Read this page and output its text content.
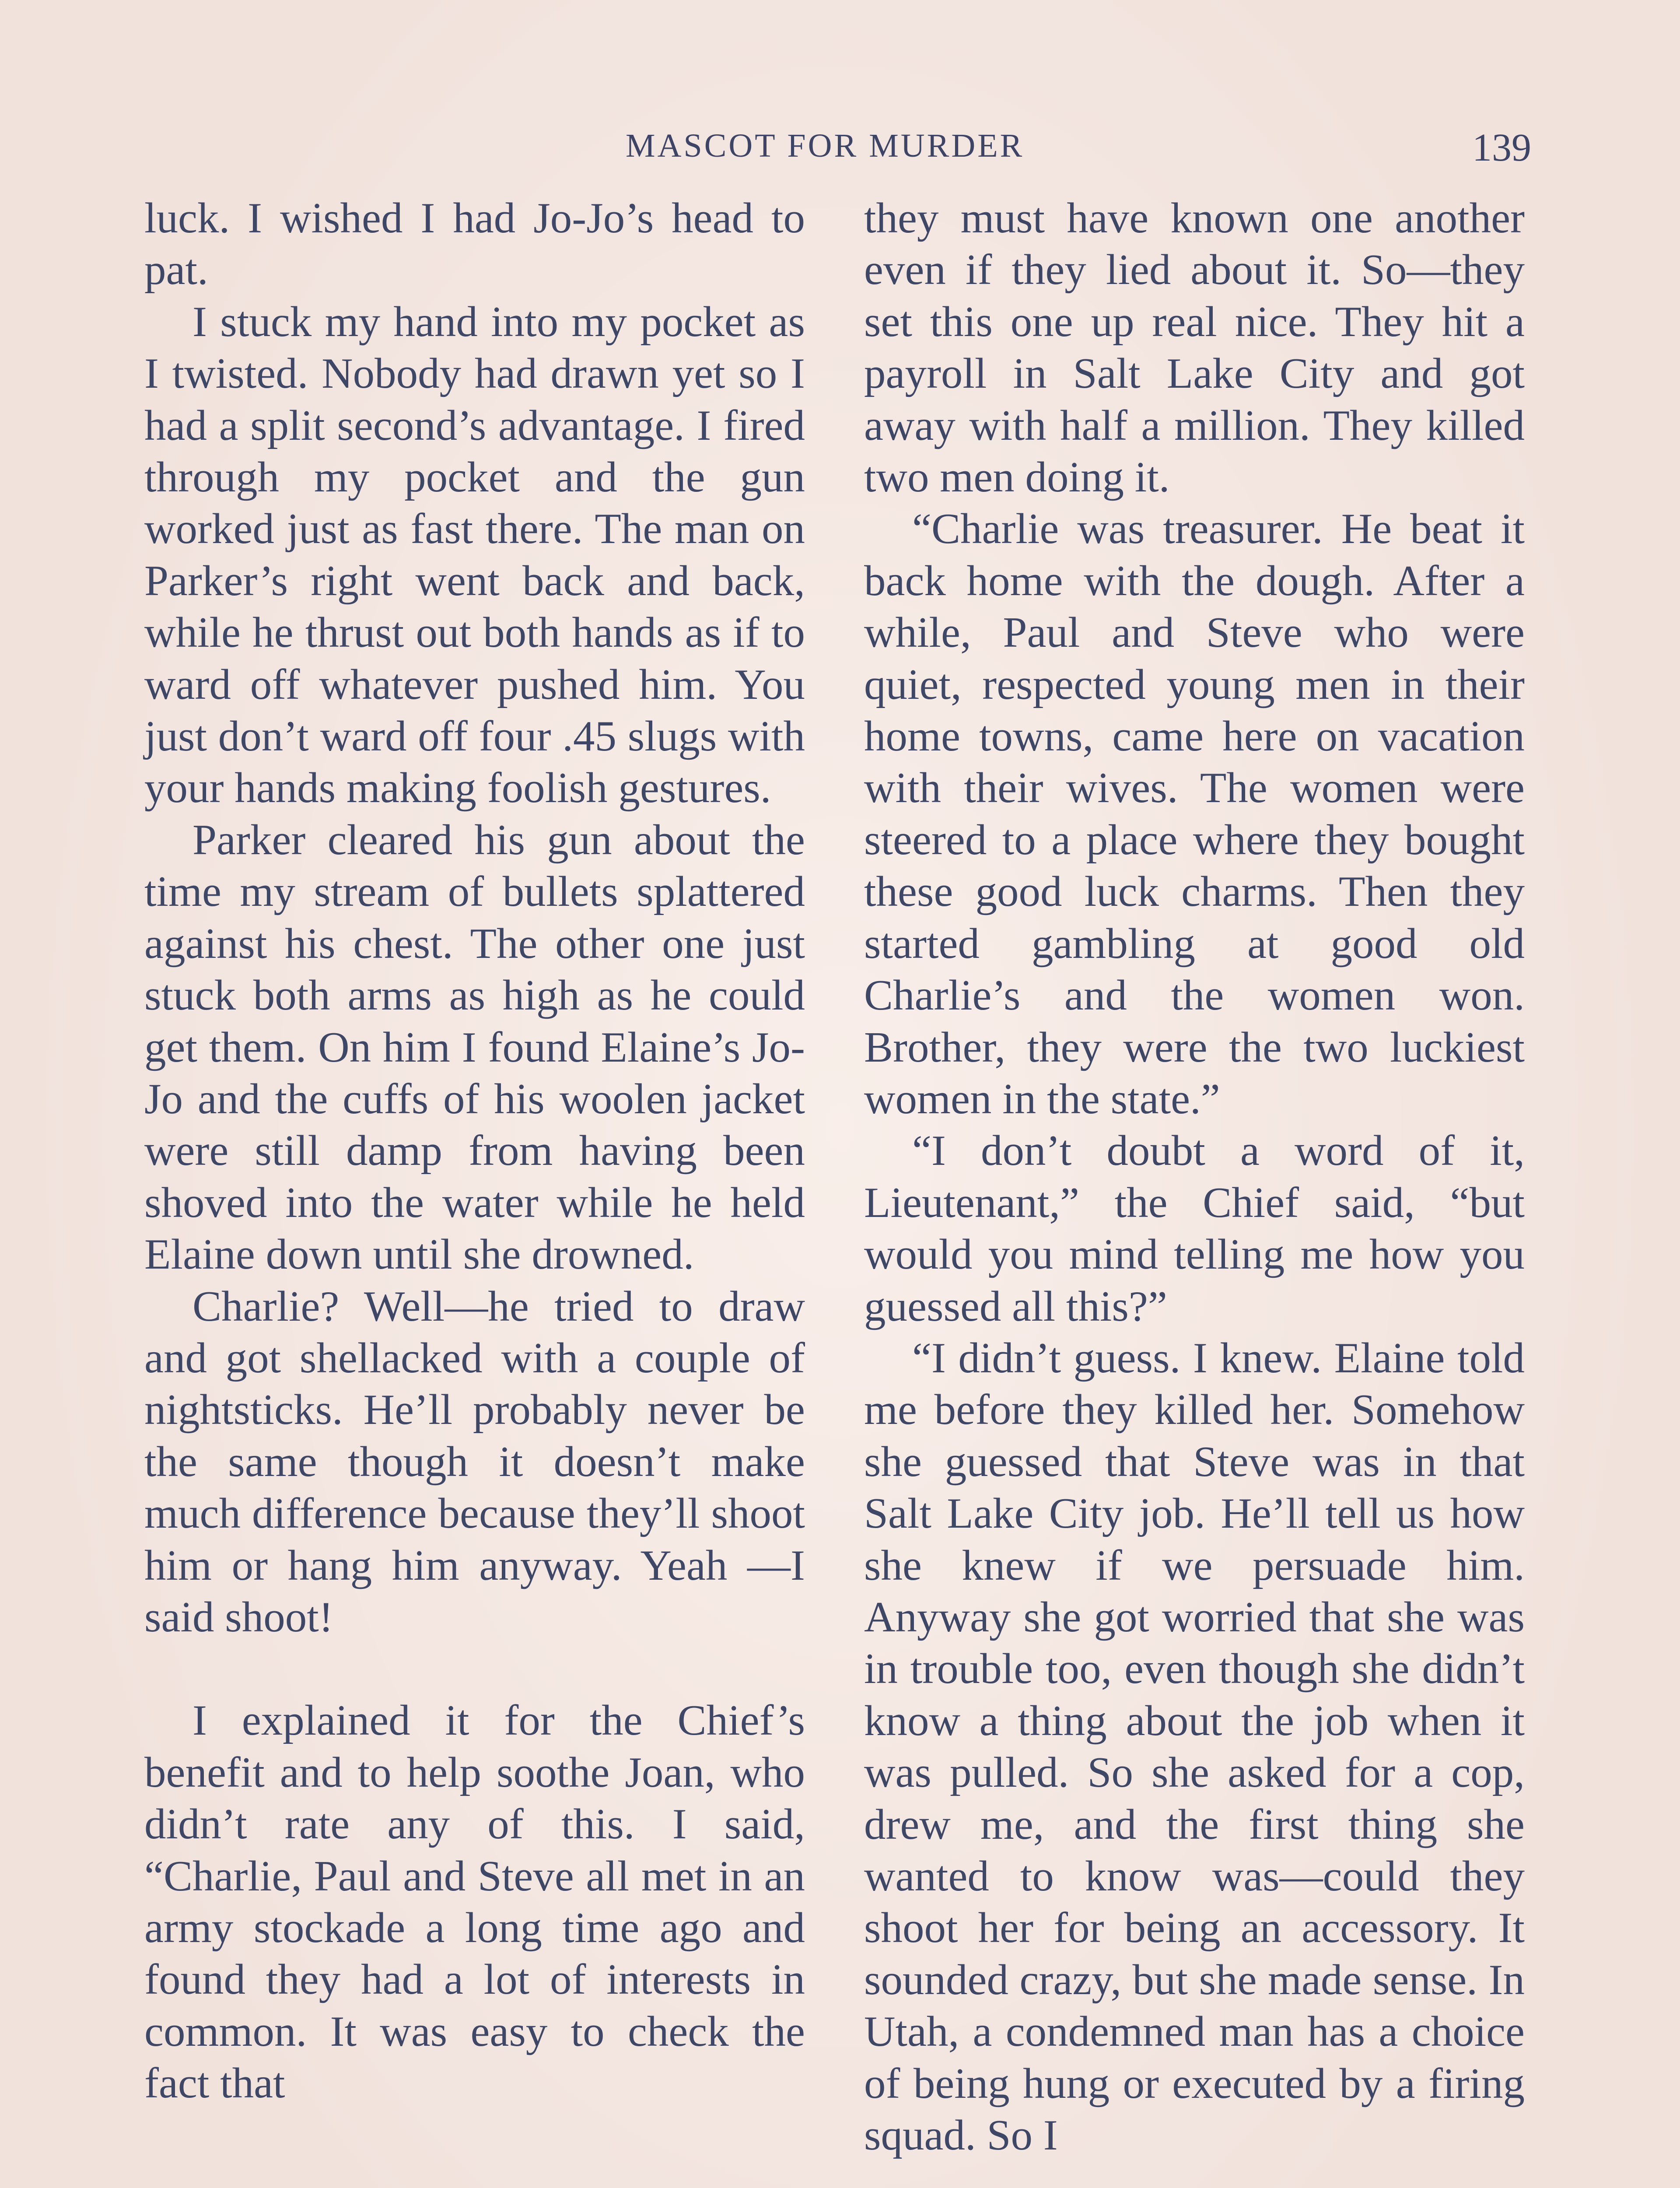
MASCOT FOR MURDER	139

luck. I wished I had Jo-Jo’s head to pat.

I stuck my hand into my pocket as I twisted. Nobody had drawn yet so I had a split second’s advantage. I fired through my pocket and the gun worked just as fast there. The man on Parker’s right went back and back, while he thrust out both hands as if to ward off whatever pushed him. You just don’t ward off four .45 slugs with your hands making foolish gestures.

Parker cleared his gun about the time my stream of bullets splattered against his chest. The other one just stuck both arms as high as he could get them. On him I found Elaine’s Jo-Jo and the cuffs of his woolen jacket were still damp from having been shoved into the water while he held Elaine down until she drowned.

Charlie? Well—he tried to draw and got shellacked with a couple of nightsticks. He’ll probably never be the same though it doesn’t make much difference because they’ll shoot him or hang him anyway. Yeah —I said shoot!

I explained it for the Chief’s benefit and to help soothe Joan, who didn’t rate any of this. I said, “Charlie, Paul and Steve all met in an army stockade a long time ago and found they had a lot of interests in common. It was easy to check the fact that

they must have known one another even if they lied about it. So—they set this one up real nice. They hit a payroll in Salt Lake City and got away with half a million. They killed two men doing it.

“Charlie was treasurer. He beat it back home with the dough. After a while, Paul and Steve who were quiet, respected young men in their home towns, came here on vacation with their wives. The women were steered to a place where they bought these good luck charms. Then they started gambling at good old Charlie’s and the women won. Brother, they were the two luckiest women in the state.”

“I don’t doubt a word of it, Lieutenant,” the Chief said, “but would you mind telling me how you guessed all this?”

“I didn’t guess. I knew. Elaine told me before they killed her. Somehow she guessed that Steve was in that Salt Lake City job. He’ll tell us how she knew if we persuade him. Anyway she got worried that she was in trouble too, even though she didn’t know a thing about the job when it was pulled. So she asked for a cop, drew me, and the first thing she wanted to know was—could they shoot her for being an accessory. It sounded crazy, but she made sense. In Utah, a condemned man has a choice of being hung or executed by a firing squad. So I
